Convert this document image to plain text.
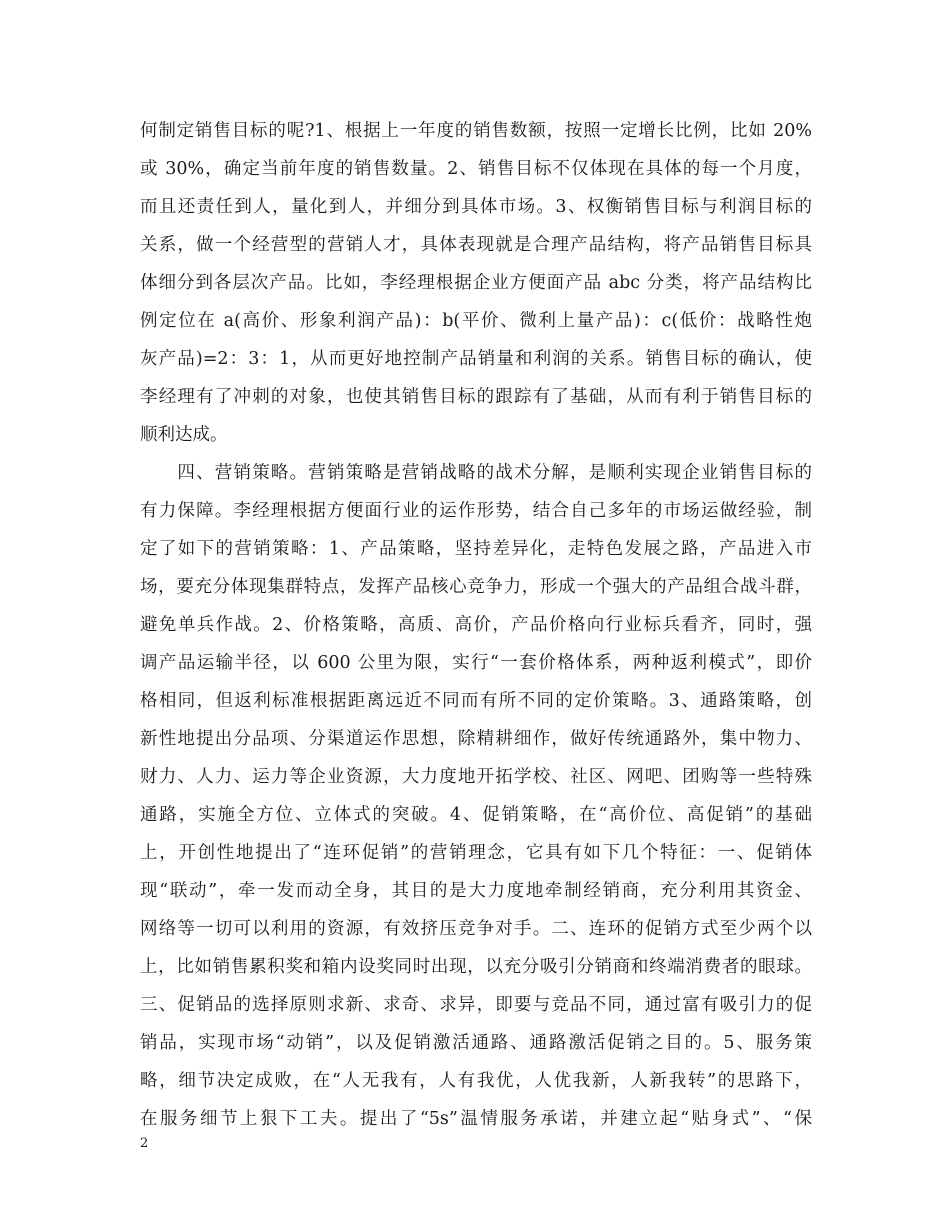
何制定销售目标的呢?1、根据上一年度的销售数额，按照一定增长比例，比如 20%
或 30%，确定当前年度的销售数量。2、销售目标不仅体现在具体的每一个月度，
而且还责任到人，量化到人，并细分到具体市场。3、权衡销售目标与利润目标的
关系，做一个经营型的营销人才，具体表现就是合理产品结构，将产品销售目标具
体细分到各层次产品。比如，李经理根据企业方便面产品 abc 分类，将产品结构比
例定位在 a(高价、形象利润产品)：b(平价、微利上量产品)：c(低价：战略性炮
灰产品)=2：3：1，从而更好地控制产品销量和利润的关系。销售目标的确认，使
李经理有了冲刺的对象，也使其销售目标的跟踪有了基础，从而有利于销售目标的
顺利达成。
　　四、营销策略。营销策略是营销战略的战术分解，是顺利实现企业销售目标的
有力保障。李经理根据方便面行业的运作形势，结合自己多年的市场运做经验，制
定了如下的营销策略：1、产品策略，坚持差异化，走特色发展之路，产品进入市
场，要充分体现集群特点，发挥产品核心竞争力，形成一个强大的产品组合战斗群，
避免单兵作战。2、价格策略，高质、高价，产品价格向行业标兵看齐，同时，强
调产品运输半径，以 600 公里为限，实行“一套价格体系，两种返利模式”，即价
格相同，但返利标准根据距离远近不同而有所不同的定价策略。3、通路策略，创
新性地提出分品项、分渠道运作思想，除精耕细作，做好传统通路外，集中物力、
财力、人力、运力等企业资源，大力度地开拓学校、社区、网吧、团购等一些特殊
通路，实施全方位、立体式的突破。4、促销策略，在“高价位、高促销”的基础
上，开创性地提出了“连环促销”的营销理念，它具有如下几个特征：一、促销体
现“联动”，牵一发而动全身，其目的是大力度地牵制经销商，充分利用其资金、
网络等一切可以利用的资源，有效挤压竞争对手。二、连环的促销方式至少两个以
上，比如销售累积奖和箱内设奖同时出现，以充分吸引分销商和终端消费者的眼球。
三、促销品的选择原则求新、求奇、求异，即要与竞品不同，通过富有吸引力的促
销品，实现市场“动销”，以及促销激活通路、通路激活促销之目的。5、服务策
略，细节决定成败，在“人无我有，人有我优，人优我新，人新我转”的思路下，
在服务细节上狠下工夫。提出了“5s”温情服务承诺，并建立起“贴身式”、“保
2
